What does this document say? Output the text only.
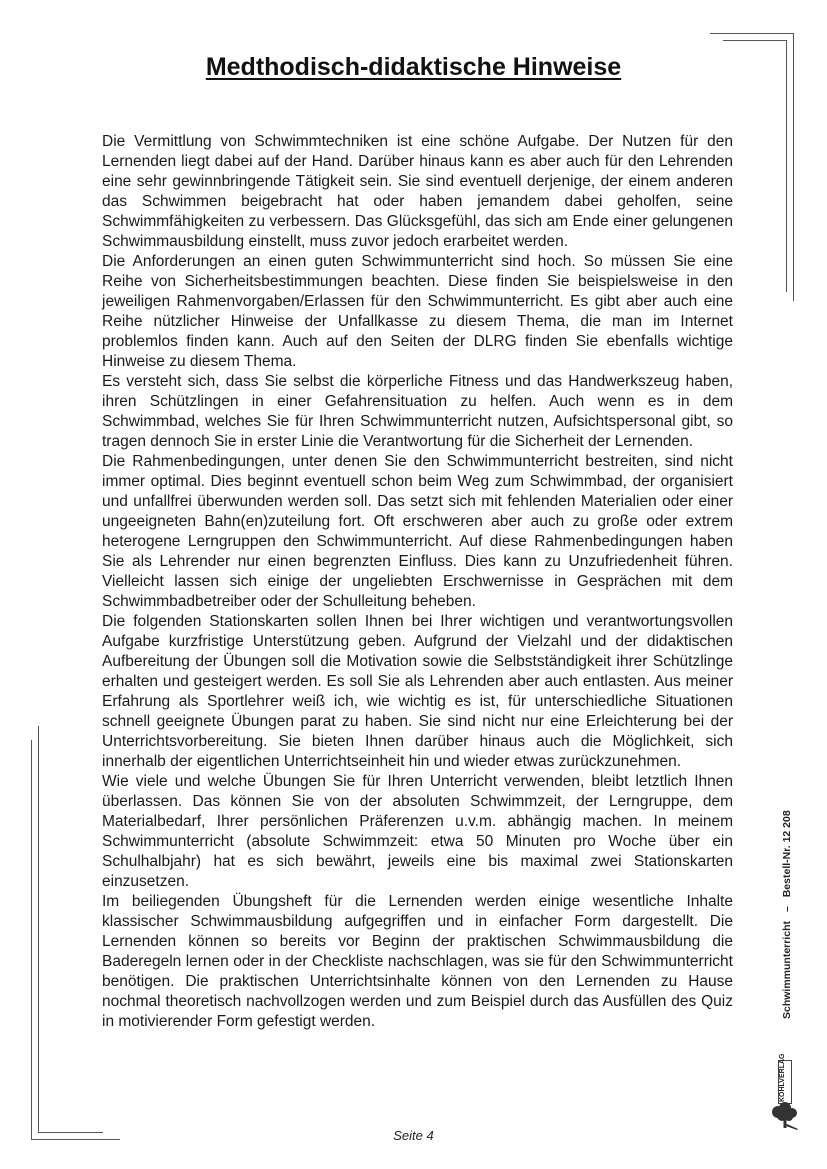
Medthodisch-didaktische Hinweise

Die Vermittlung von Schwimmtechniken ist eine schöne Aufgabe. Der Nutzen für den Lernenden liegt dabei auf der Hand. Darüber hinaus kann es aber auch für den Lehrenden eine sehr gewinnbringende Tätigkeit sein. Sie sind eventuell derjenige, der einem anderen das Schwimmen beigebracht hat oder haben jemandem dabei geholfen, seine Schwimmfähigkeiten zu verbessern. Das Glücksgefühl, das sich am Ende einer gelungenen Schwimmausbildung einstellt, muss zuvor jedoch erarbeitet werden.

Die Anforderungen an einen guten Schwimmunterricht sind hoch. So müssen Sie eine Reihe von Sicherheitsbestimmungen beachten. Diese finden Sie beispielsweise in den jeweiligen Rahmenvorgaben/Erlassen für den Schwimmunterricht. Es gibt aber auch eine Reihe nützlicher Hinweise der Unfallkasse zu diesem Thema, die man im Internet problemlos finden kann. Auch auf den Seiten der DLRG finden Sie ebenfalls wichtige Hinweise zu diesem Thema.

Es versteht sich, dass Sie selbst die körperliche Fitness und das Handwerkszeug haben, ihren Schützlingen in einer Gefahrensituation zu helfen. Auch wenn es in dem Schwimmbad, welches Sie für Ihren Schwimmunterricht nutzen, Aufsichtspersonal gibt, so tragen dennoch Sie in erster Linie die Verantwortung für die Sicherheit der Lernenden.

Die Rahmenbedingungen, unter denen Sie den Schwimmunterricht bestreiten, sind nicht immer optimal. Dies beginnt eventuell schon beim Weg zum Schwimmbad, der organisiert und unfallfrei überwunden werden soll. Das setzt sich mit fehlenden Materialien oder einer ungeeigneten Bahn(en)zuteilung fort. Oft erschweren aber auch zu große oder extrem heterogene Lerngruppen den Schwimmunterricht. Auf diese Rahmenbedingungen haben Sie als Lehrender nur einen begrenzten Einfluss. Dies kann zu Unzufriedenheit führen. Vielleicht lassen sich einige der ungeliebten Erschwernisse in Gesprächen mit dem Schwimmbadbetreiber oder der Schulleitung beheben.

Die folgenden Stationskarten sollen Ihnen bei Ihrer wichtigen und verantwortungsvollen Aufgabe kurzfristige Unterstützung geben. Aufgrund der Vielzahl und der didaktischen Aufbereitung der Übungen soll die Motivation sowie die Selbstständigkeit ihrer Schützlinge erhalten und gesteigert werden. Es soll Sie als Lehrenden aber auch entlasten. Aus meiner Erfahrung als Sportlehrer weiß ich, wie wichtig es ist, für unterschiedliche Situationen schnell geeignete Übungen parat zu haben. Sie sind nicht nur eine Erleichterung bei der Unterrichtsvorbereitung. Sie bieten Ihnen darüber hinaus auch die Möglichkeit, sich innerhalb der eigentlichen Unterrichtseinheit hin und wieder etwas zurückzunehmen.

Wie viele und welche Übungen Sie für Ihren Unterricht verwenden, bleibt letztlich Ihnen überlassen. Das können Sie von der absoluten Schwimmzeit, der Lerngruppe, dem Materialbedarf, Ihrer persönlichen Präferenzen u.v.m. abhängig machen. In meinem Schwimmunterricht (absolute Schwimmzeit: etwa 50 Minuten pro Woche über ein Schulhalbjahr) hat es sich bewährt, jeweils eine bis maximal zwei Stationskarten einzusetzen.

Im beiliegenden Übungsheft für die Lernenden werden einige wesentliche Inhalte klassischer Schwimmausbildung aufgegriffen und in einfacher Form dargestellt. Die Lernenden können so bereits vor Beginn der praktischen Schwimmausbildung die Baderegeln lernen oder in der Checkliste nachschlagen, was sie für den Schwimmunterricht benötigen. Die praktischen Unterrichtsinhalte können von den Lernenden zu Hause nochmal theoretisch nachvollzogen werden und zum Beispiel durch das Ausfüllen des Quiz in motivierender Form gefestigt werden.

Seite 4
Schwimmunterricht – Bestell-Nr. 12 208
KOHLVERLAG
